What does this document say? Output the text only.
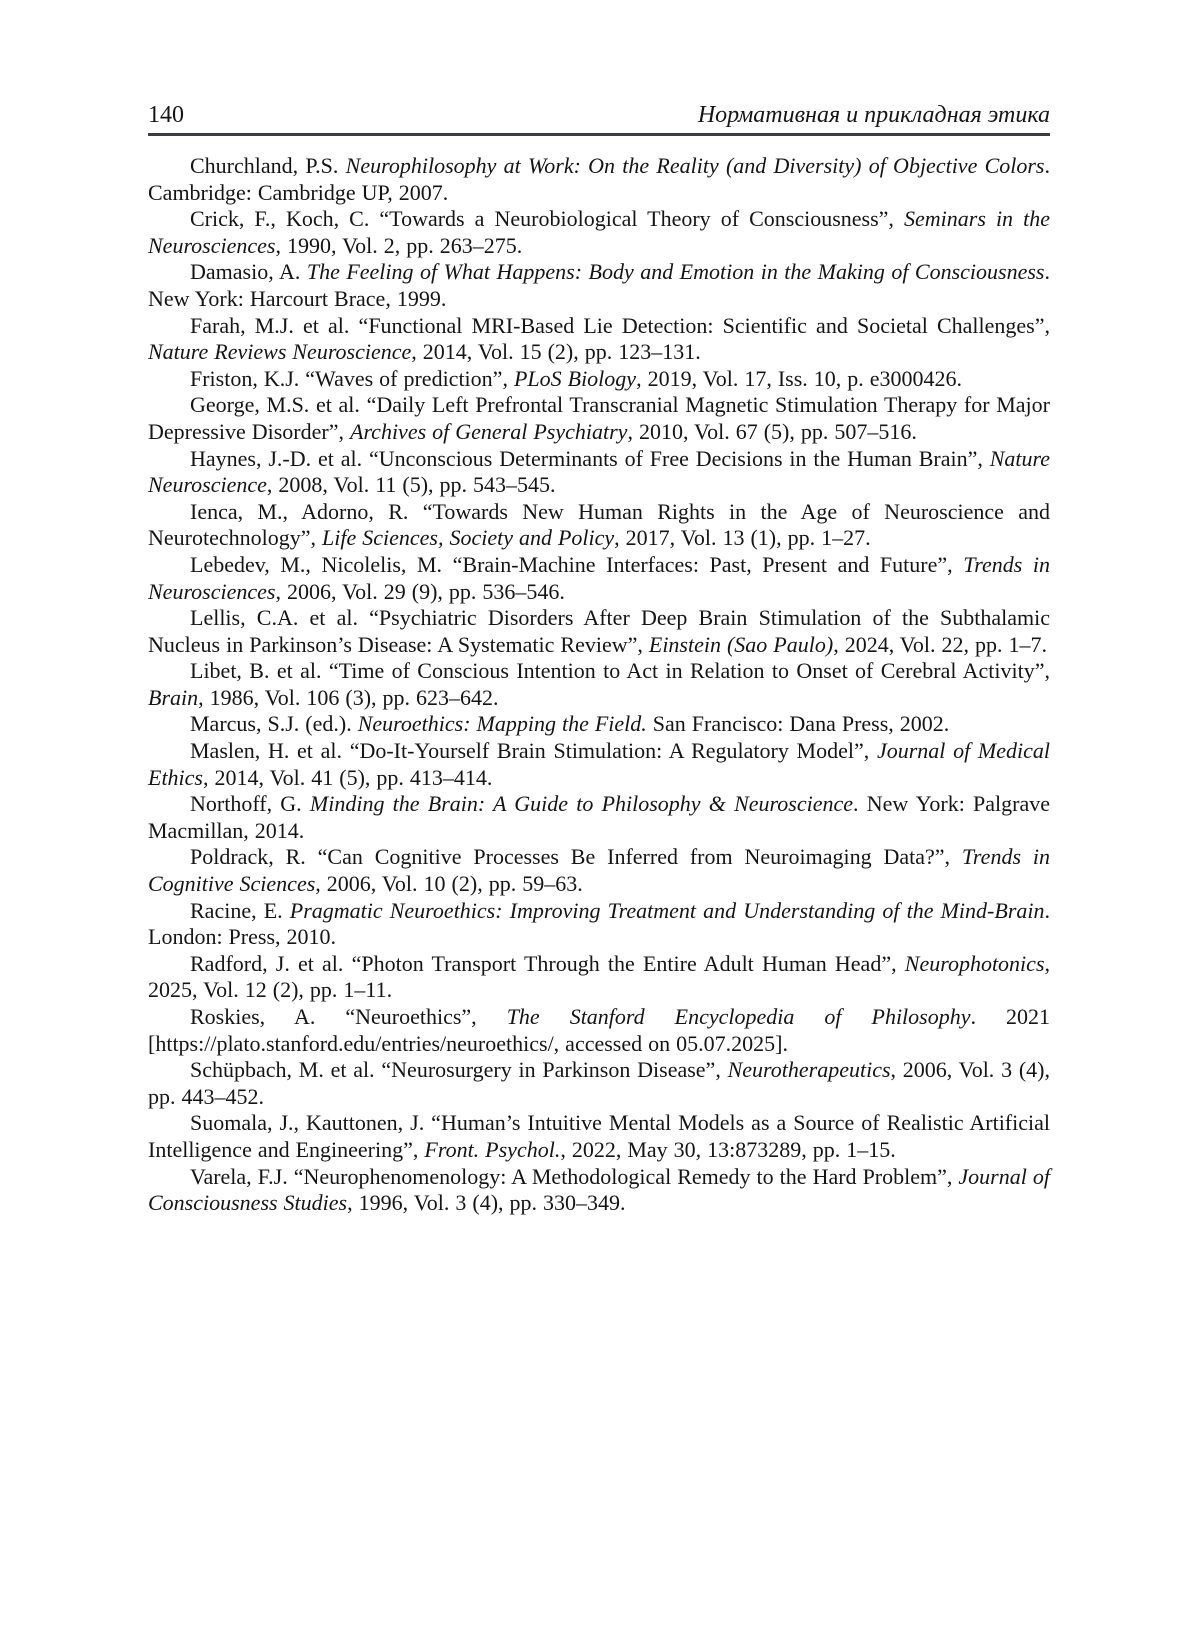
140	Нормативная и прикладная этика

Churchland, P.S. Neurophilosophy at Work: On the Reality (and Diversity) of Objective Colors. Cambridge: Cambridge UP, 2007.

Crick, F., Koch, C. “Towards a Neurobiological Theory of Consciousness”, Seminars in the Neurosciences, 1990, Vol. 2, pp. 263–275.

Damasio, A. The Feeling of What Happens: Body and Emotion in the Making of Consciousness. New York: Harcourt Brace, 1999.

Farah, M.J. et al. “Functional MRI-Based Lie Detection: Scientific and Societal Challenges”, Nature Reviews Neuroscience, 2014, Vol. 15 (2), pp. 123–131.

Friston, K.J. “Waves of prediction”, PLoS Biology, 2019, Vol. 17, Iss. 10, p. e3000426.

George, M.S. et al. “Daily Left Prefrontal Transcranial Magnetic Stimulation Therapy for Major Depressive Disorder”, Archives of General Psychiatry, 2010, Vol. 67 (5), pp. 507–516.

Haynes, J.-D. et al. “Unconscious Determinants of Free Decisions in the Human Brain”, Nature Neuroscience, 2008, Vol. 11 (5), pp. 543–545.

Ienca, M., Adorno, R. “Towards New Human Rights in the Age of Neuroscience and Neurotechnology”, Life Sciences, Society and Policy, 2017, Vol. 13 (1), pp. 1–27.

Lebedev, M., Nicolelis, M. “Brain-Machine Interfaces: Past, Present and Future”, Trends in Neurosciences, 2006, Vol. 29 (9), pp. 536–546.

Lellis, C.A. et al. “Psychiatric Disorders After Deep Brain Stimulation of the Subthalamic Nucleus in Parkinson’s Disease: A Systematic Review”, Einstein (Sao Paulo), 2024, Vol. 22, pp. 1–7.

Libet, B. et al. “Time of Conscious Intention to Act in Relation to Onset of Cerebral Activity”, Brain, 1986, Vol. 106 (3), pp. 623–642.

Marcus, S.J. (ed.). Neuroethics: Mapping the Field. San Francisco: Dana Press, 2002.

Maslen, H. et al. “Do-It-Yourself Brain Stimulation: A Regulatory Model”, Journal of Medical Ethics, 2014, Vol. 41 (5), pp. 413–414.

Northoff, G. Minding the Brain: A Guide to Philosophy & Neuroscience. New York: Palgrave Macmillan, 2014.

Poldrack, R. “Can Cognitive Processes Be Inferred from Neuroimaging Data?”, Trends in Cognitive Sciences, 2006, Vol. 10 (2), pp. 59–63.

Racine, E. Pragmatic Neuroethics: Improving Treatment and Understanding of the Mind-Brain. London: Press, 2010.

Radford, J. et al. “Photon Transport Through the Entire Adult Human Head”, Neurophotonics, 2025, Vol. 12 (2), pp. 1–11.

Roskies, A. “Neuroethics”, The Stanford Encyclopedia of Philosophy. 2021 [https://plato.stanford.edu/entries/neuroethics/, accessed on 05.07.2025].

Schüpbach, M. et al. “Neurosurgery in Parkinson Disease”, Neurotherapeutics, 2006, Vol. 3 (4), pp. 443–452.

Suomala, J., Kauttonen, J. “Human’s Intuitive Mental Models as a Source of Realistic Artificial Intelligence and Engineering”, Front. Psychol., 2022, May 30, 13:873289, pp. 1–15.

Varela, F.J. “Neurophenomenology: A Methodological Remedy to the Hard Problem”, Journal of Consciousness Studies, 1996, Vol. 3 (4), pp. 330–349.
